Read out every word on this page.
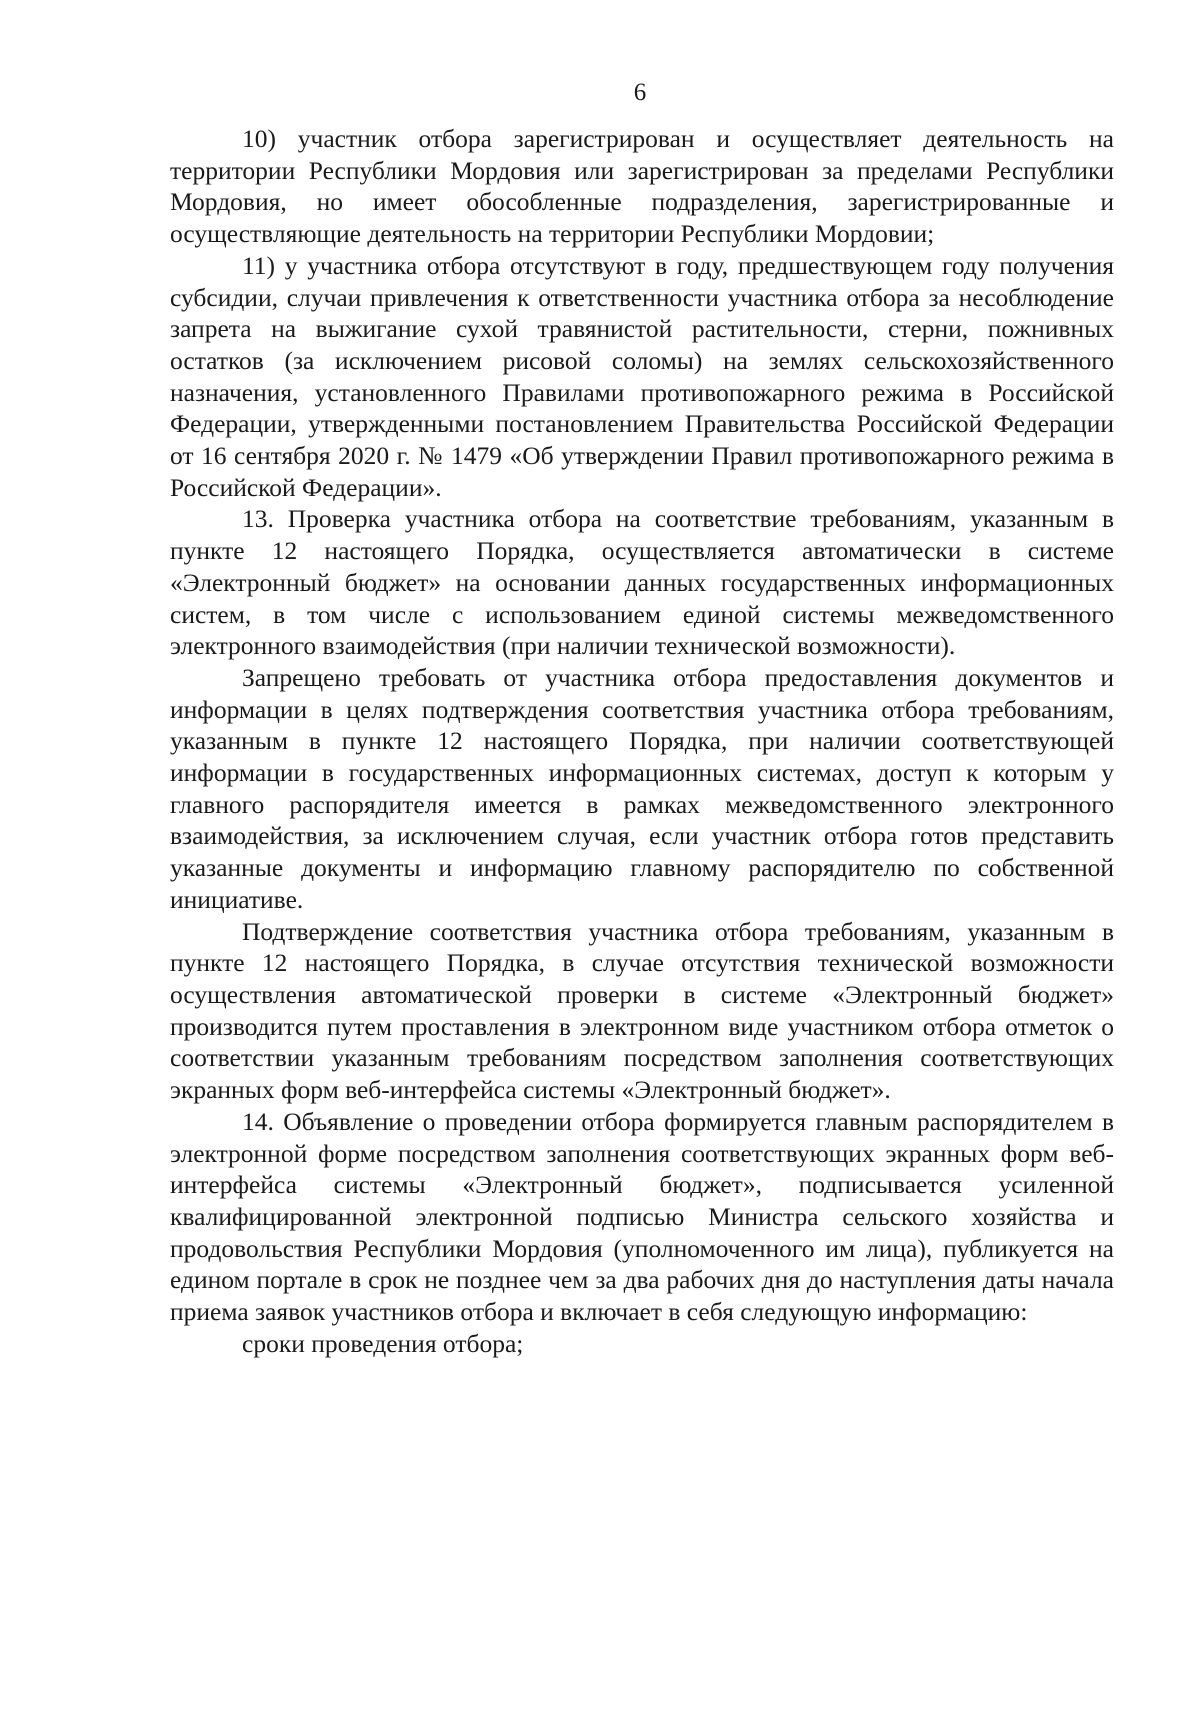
6

10) участник отбора зарегистрирован и осуществляет деятельность на территории Республики Мордовия или зарегистрирован за пределами Республики Мордовия, но имеет обособленные подразделения, зарегистрированные и осуществляющие деятельность на территории Республики Мордовии;

11) у участника отбора отсутствуют в году, предшествующем году получения субсидии, случаи привлечения к ответственности участника отбора за несоблюдение запрета на выжигание сухой травянистой растительности, стерни, пожнивных остатков (за исключением рисовой соломы) на землях сельскохозяйственного назначения, установленного Правилами противопожарного режима в Российской Федерации, утвержденными постановлением Правительства Российской Федерации от 16 сентября 2020 г. № 1479 «Об утверждении Правил противопожарного режима в Российской Федерации».

13. Проверка участника отбора на соответствие требованиям, указанным в пункте 12 настоящего Порядка, осуществляется автоматически в системе «Электронный бюджет» на основании данных государственных информационных систем, в том числе с использованием единой системы межведомственного электронного взаимодействия (при наличии технической возможности).

Запрещено требовать от участника отбора предоставления документов и информации в целях подтверждения соответствия участника отбора требованиям, указанным в пункте 12 настоящего Порядка, при наличии соответствующей информации в государственных информационных системах, доступ к которым у главного распорядителя имеется в рамках межведомственного электронного взаимодействия, за исключением случая, если участник отбора готов представить указанные документы и информацию главному распорядителю по собственной инициативе.

Подтверждение соответствия участника отбора требованиям, указанным в пункте 12 настоящего Порядка, в случае отсутствия технической возможности осуществления автоматической проверки в системе «Электронный бюджет» производится путем проставления в электронном виде участником отбора отметок о соответствии указанным требованиям посредством заполнения соответствующих экранных форм веб-интерфейса системы «Электронный бюджет».

14. Объявление о проведении отбора формируется главным распорядителем в электронной форме посредством заполнения соответствующих экранных форм веб-интерфейса системы «Электронный бюджет», подписывается усиленной квалифицированной электронной подписью Министра сельского хозяйства и продовольствия Республики Мордовия (уполномоченного им лица), публикуется на едином портале в срок не позднее чем за два рабочих дня до наступления даты начала приема заявок участников отбора и включает в себя следующую информацию:

сроки проведения отбора;
